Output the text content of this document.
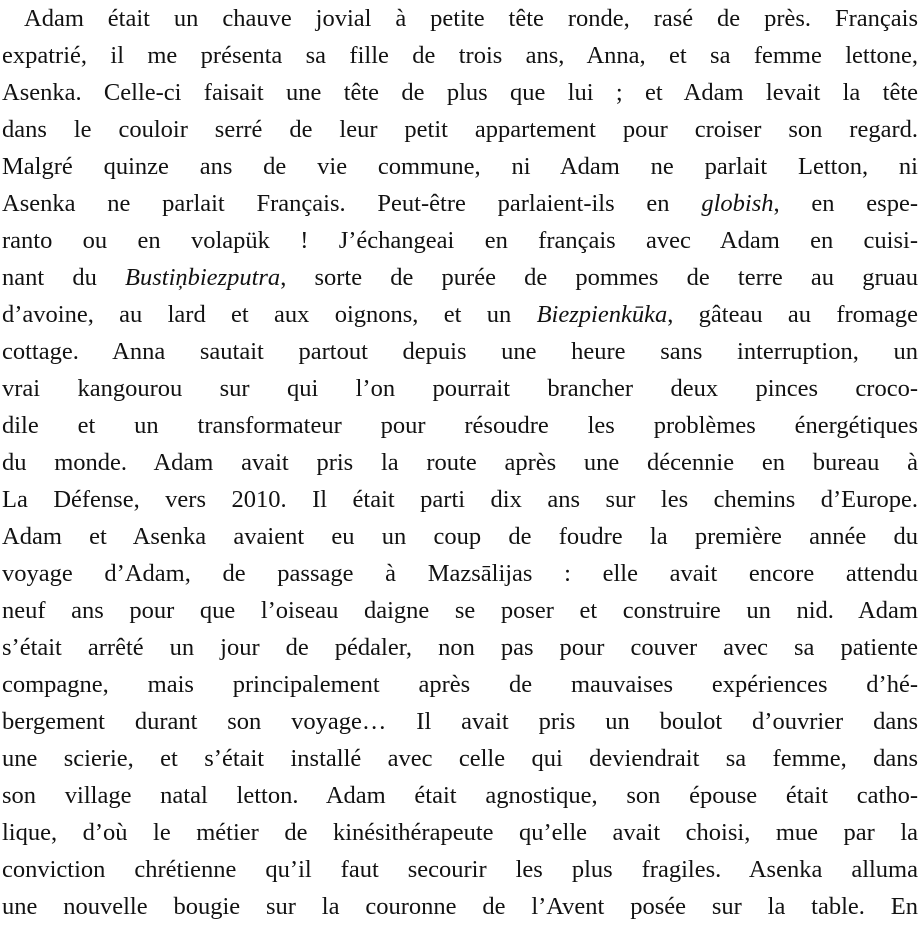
Adam était un chauve jovial à petite tête ronde, rasé de près. Français
expatrié, il me présenta sa fille de trois ans, Anna, et sa femme lettone,
Asenka. Celle-ci faisait une tête de plus que lui ; et Adam levait la tête
dans le couloir serré de leur petit appartement pour croiser son regard.
Malgré quinze ans de vie commune, ni Adam ne parlait Letton, ni
Asenka ne parlait Français. Peut-être parlaient-ils en globish, en espe-
ranto ou en volapük ! J’échangeai en français avec Adam en cuisi-
nant du Bustiņbiezputra, sorte de purée de pommes de terre au gruau
d’avoine, au lard et aux oignons, et un Biezpienkūka, gâteau au fromage
cottage. Anna sautait partout depuis une heure sans interruption, un
vrai kangourou sur qui l’on pourrait brancher deux pinces croco-
dile et un transformateur pour résoudre les problèmes énergétiques
du monde. Adam avait pris la route après une décennie en bureau à
La Défense, vers 2010. Il était parti dix ans sur les chemins d’Europe.
Adam et Asenka avaient eu un coup de foudre la première année du
voyage d’Adam, de passage à Mazsālijas : elle avait encore attendu
neuf ans pour que l’oiseau daigne se poser et construire un nid. Adam
s’était arrêté un jour de pédaler, non pas pour couver avec sa patiente
compagne, mais principalement après de mauvaises expériences d’hé-
bergement durant son voyage… Il avait pris un boulot d’ouvrier dans
une scierie, et s’était installé avec celle qui deviendrait sa femme, dans
son village natal letton. Adam était agnostique, son épouse était catho-
lique, d’où le métier de kinésithérapeute qu’elle avait choisi, mue par la
conviction chrétienne qu’il faut secourir les plus fragiles. Asenka alluma
une nouvelle bougie sur la couronne de l’Avent posée sur la table. En
